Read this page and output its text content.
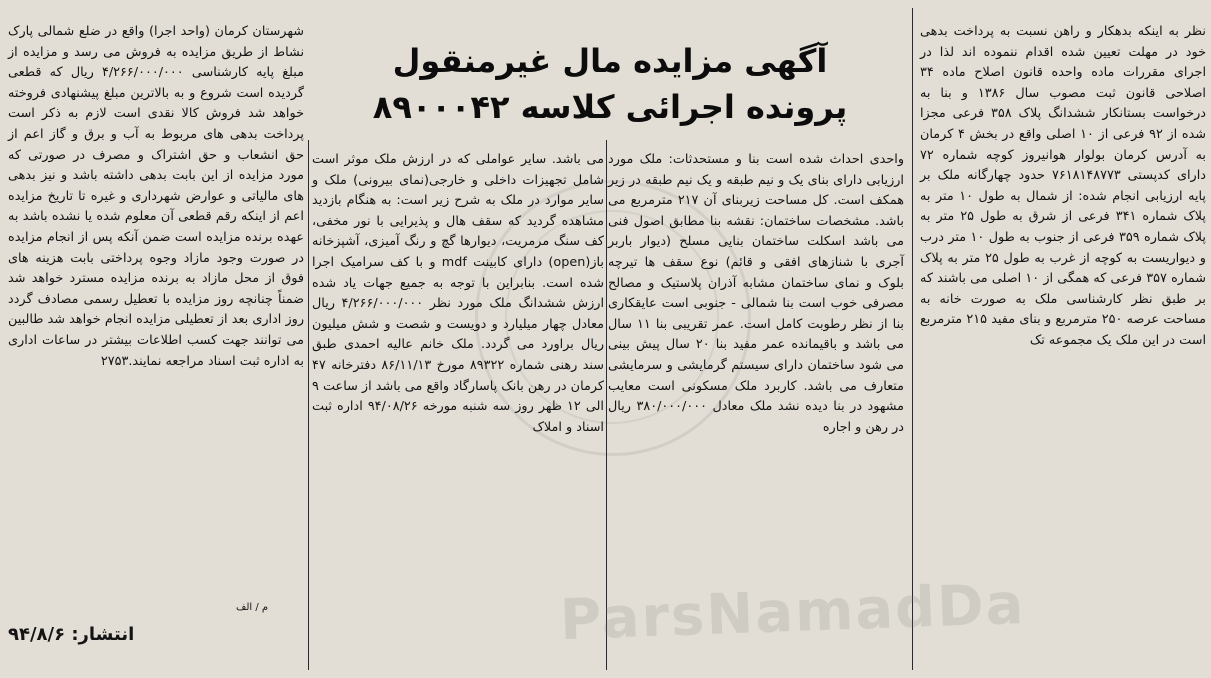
آگهی مزایده مال غیرمنقول
پرونده اجرائی کلاسه ۸۹۰۰۰۴۲

نظر به اینکه بدهکار و راهن نسبت به پرداخت بدهی خود در مهلت تعیین شده اقدام ننموده اند لذا در اجرای مقررات ماده واحده قانون اصلاح ماده ۳۴ اصلاحی قانون ثبت مصوب سال ۱۳۸۶ و بنا به درخواست بستانکار ششدانگ پلاک ۳۵۸ فرعی مجزا شده از ۹۲ فرعی از ۱۰ اصلی واقع در بخش ۴ کرمان به آدرس کرمان بولوار هوانیروز کوچه شماره ۷۲ دارای کدپستی ۷۶۱۸۱۴۸۷۷۳ حدود چهارگانه ملک بر پایه ارزیابی انجام شده: از شمال به طول ۱۰ متر به پلاک شماره ۳۴۱ فرعی از شرق به طول ۲۵ متر به پلاک شماره ۳۵۹ فرعی از جنوب به طول ۱۰ متر درب و دیواریست به کوچه از غرب به طول ۲۵ متر به پلاک شماره ۳۵۷ فرعی که همگی از ۱۰ اصلی می باشند که بر طبق نظر کارشناسی ملک به صورت خانه به مساحت عرصه ۲۵۰ مترمربع و بنای مفید ۲۱۵ مترمربع است در این ملک یک مجموعه تک

واحدی احداث شده است بنا و مستحدثات: ملک مورد ارزیابی دارای بنای یک و نیم طبقه و یک نیم طبقه در زیر همکف است. کل مساحت زیربنای آن ۲۱۷ مترمربع می باشد. مشخصات ساختمان: نقشه بنا مطابق اصول فنی می باشد اسکلت ساختمان بنایی مسلح (دیوار باربر آجری با شنازهای افقی و قائم) نوع سقف ها تیرچه بلوک و نمای ساختمان مشابه آذران پلاستیک و مصالح مصرفی خوب است بنا شمالی - جنوبی است عایقکاری بنا از نظر رطوبت کامل است. عمر تقریبی بنا ۱۱ سال می باشد و باقیمانده عمر مفید بنا ۲۰ سال پیش بینی می شود ساختمان دارای سیستم گرمایشی و سرمایشی متعارف می باشد. کاربرد ملک مسکونی است معایب مشهود در بنا دیده نشد ملک معادل ۳۸۰/۰۰۰/۰۰۰ ریال در رهن و اجاره

می باشد. سایر عواملی که در ارزش ملک موثر است شامل تجهیزات داخلی و خارجی(نمای بیرونی) ملک و سایر موارد در ملک به شرح زیر است: به هنگام بازدید مشاهده گردید که سقف هال و پذیرایی با نور مخفی، کف سنگ مرمریت، دیوارها گچ و رنگ آمیزی، آشپزخانه باز(open) دارای کابینت mdf و با کف سرامیک اجرا شده است. بنابراین با توجه به جمیع جهات یاد شده ارزش ششدانگ ملک مورد نظر ۴/۲۶۶/۰۰۰/۰۰۰ ریال معادل چهار میلیارد و دویست و شصت و شش میلیون ریال براورد می گردد. ملک خانم عالیه احمدی طبق سند رهنی شماره ۸۹۳۲۲ مورخ ۸۶/۱۱/۱۳ دفترخانه ۴۷ کرمان در رهن بانک پاسارگاد واقع می باشد از ساعت ۹ الی ۱۲ ظهر روز سه شنبه مورخه ۹۴/۰۸/۲۶ اداره ثبت اسناد و املاک

شهرستان کرمان (واحد اجرا) واقع در ضلع شمالی پارک نشاط از طریق مزایده به فروش می رسد و مزایده از مبلغ پایه کارشناسی ۴/۲۶۶/۰۰۰/۰۰۰ ریال که قطعی گردیده است شروع و به بالاترین مبلغ پیشنهادی فروخته خواهد شد فروش کالا نقدی است لازم به ذکر است پرداخت بدهی های مربوط به آب و برق و گاز اعم از حق انشعاب و حق اشتراک و مصرف در صورتی که مورد مزایده از این بابت بدهی داشته باشد و نیز بدهی های مالیاتی و عوارض شهرداری و غیره تا تاریخ مزایده اعم از اینکه رقم قطعی آن معلوم شده یا نشده باشد به عهده برنده مزایده است ضمن آنکه پس از انجام مزایده در صورت وجود مازاد وجوه پرداختی بابت هزینه های فوق از محل مازاد به برنده مزایده مسترد خواهد شد ضمناً چنانچه روز مزایده با تعطیل رسمی مصادف گردد روز اداری بعد از تعطیلی مزایده انجام خواهد شد طالبین می توانند جهت کسب اطلاعات بیشتر در ساعات اداری به اداره ثبت اسناد مراجعه نمایند.۲۷۵۳

م / الف
انتشار: ۹۴/۸/۶	ParsNamadDa
